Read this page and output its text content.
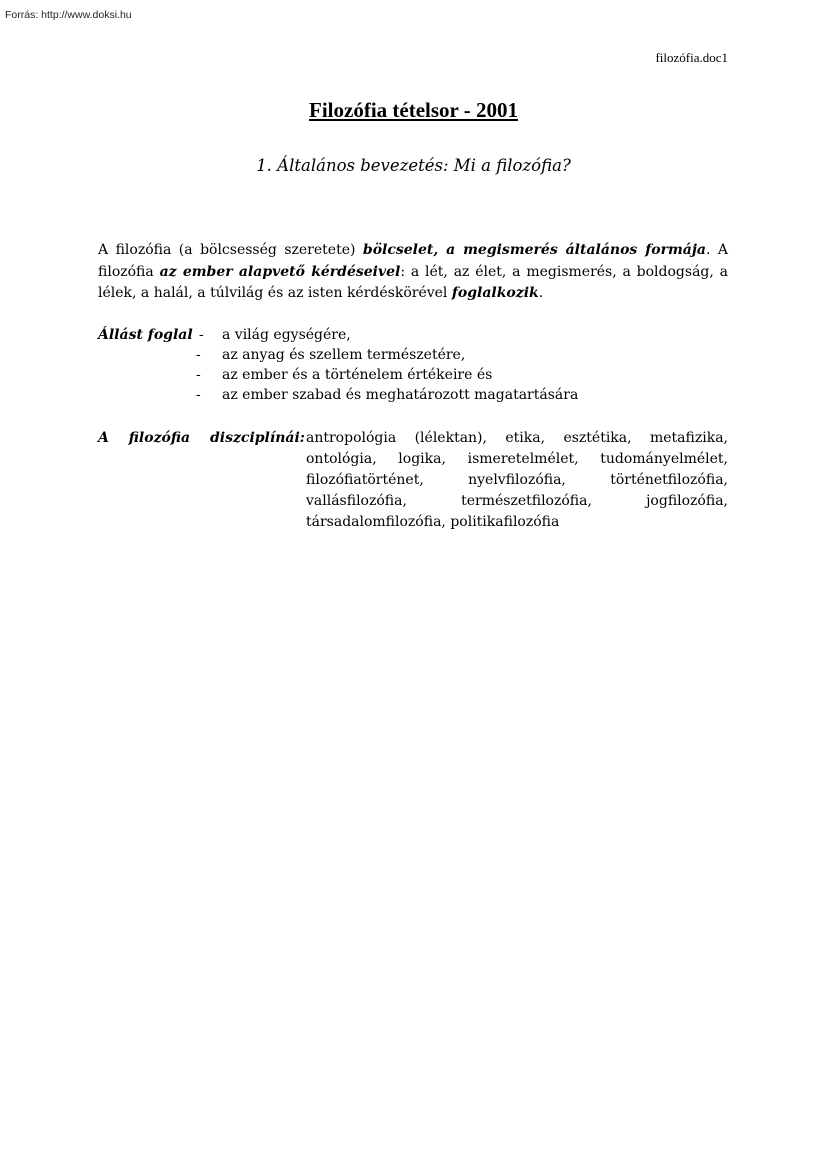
Forrás: http://www.doksi.hu
filozófia.doc1
Filozófia tételsor - 2001
1. Általános bevezetés: Mi a filozófia?
A filozófia (a bölcsesség szeretete) bölcselet, a megismerés általános formája. A filozófia az ember alapvető kérdéseivel: a lét, az élet, a megismerés, a boldogság, a lélek, a halál, a túlvilág és az isten kérdéskörével foglalkozik.
Állást foglal - a világ egységére,
- az anyag és szellem természetére,
- az ember és a történelem értékeire és
- az ember szabad és meghatározott magatartására
A filozófia diszciplínái: antropológia (lélektan), etika, esztétika, metafizika, ontológia, logika, ismeretelmélet, tudományelmélet, filozófiatörténet, nyelvfilozófia, történetfilozófia, vallásfilozófia, természetfilozófia, jogfilozófia, társadalomfilozófia, politikafilozófia
